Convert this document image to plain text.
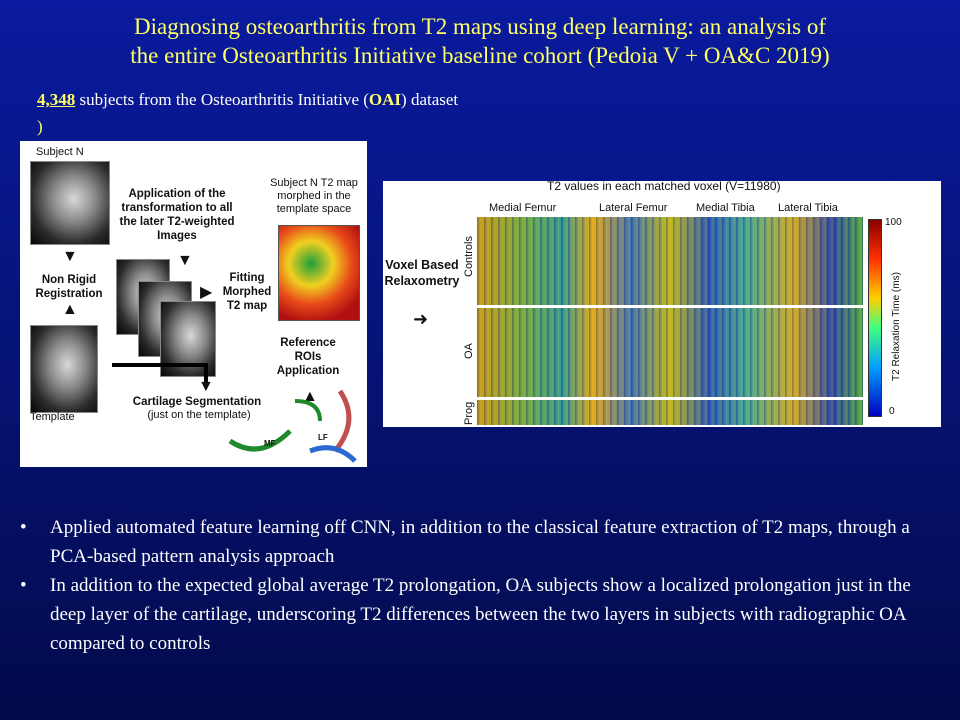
Diagnosing osteoarthritis from T2 maps using deep learning: an analysis of
the entire Osteoarthritis Initiative baseline cohort (Pedoia V + OA&C 2019)
4,348 subjects from the Osteoarthritis Initiative (OAI) dataset
)
Subject N
Application of the transformation to all the later T2-weighted Images
▼
Non Rigid Registration
▲
Template
▼
▶
Fitting Morphed T2 map
Subject N T2 map morphed in the template space
Reference ROIs Application
▲
▼
Cartilage Segmentation
(just on the template)
MF
LF
T2 values in each matched voxel (V=11980)
Medial Femur	Lateral Femur	Medial Tibia Lateral Tibia
Controls
OA
Prog
Voxel Based Relaxometry
➜
100
0
T2 Relaxation Time (ms)
• Applied automated feature learning off CNN, in addition to the classical feature extraction of T2 maps, through a PCA-based pattern analysis approach
• In addition to the expected global average T2 prolongation, OA subjects show a localized prolongation just in the deep layer of the cartilage, underscoring T2 differences between the two layers in subjects with radiographic OA compared to controls
